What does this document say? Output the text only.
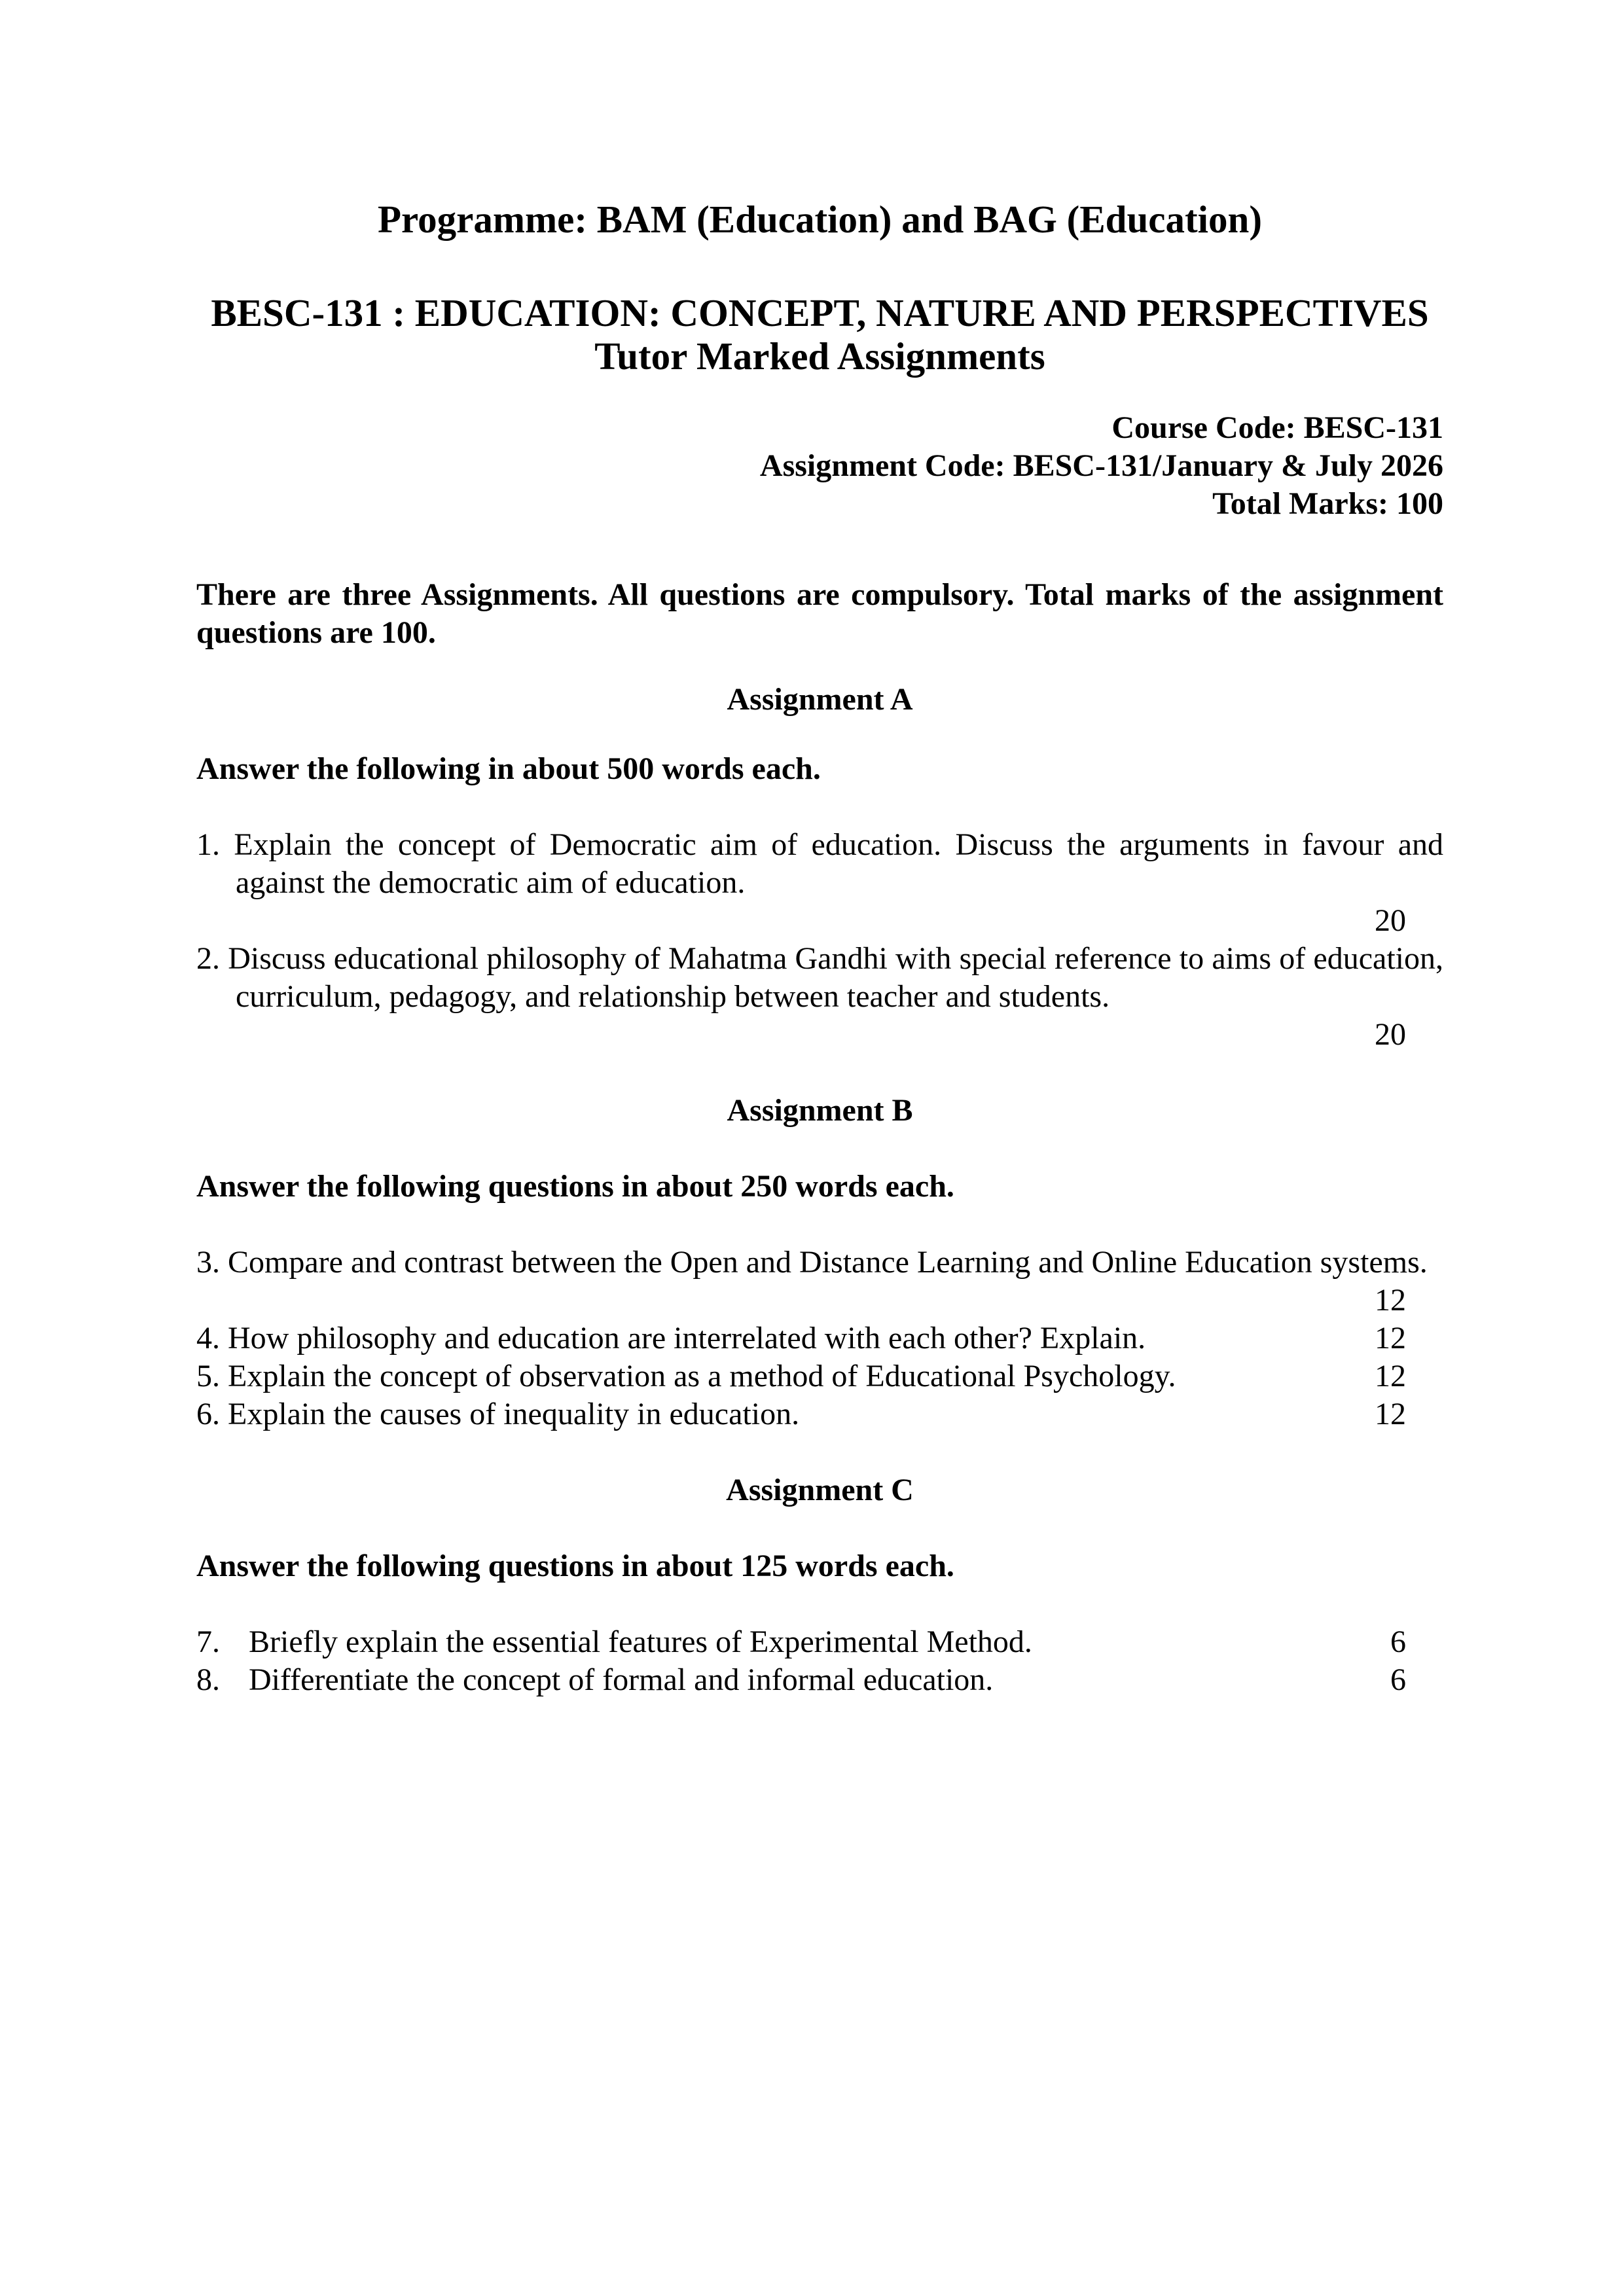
Programme: BAM (Education) and BAG (Education)
BESC-131 : EDUCATION: CONCEPT, NATURE AND PERSPECTIVES
Tutor Marked Assignments
Course Code: BESC-131
Assignment Code: BESC-131/January & July 2026
Total Marks: 100
There are three Assignments. All questions are compulsory. Total marks of the assignment questions are 100.
Assignment A
Answer the following in about 500 words each.
1. Explain the concept of Democratic aim of education. Discuss the arguments in favour and against the democratic aim of education.
20
2. Discuss educational philosophy of Mahatma Gandhi with special reference to aims of education, curriculum, pedagogy, and relationship between teacher and students.
20
Assignment B
Answer the following questions in about 250 words each.
3. Compare and contrast between the Open and Distance Learning and Online Education systems.
12
4. How philosophy and education are interrelated with each other? Explain.	12
5. Explain the concept of observation as a method of Educational Psychology.	12
6. Explain the causes of inequality in education.	12
Assignment C
Answer the following questions in about 125 words each.
7. Briefly explain the essential features of Experimental Method.	6
8. Differentiate the concept of formal and informal education.	6
